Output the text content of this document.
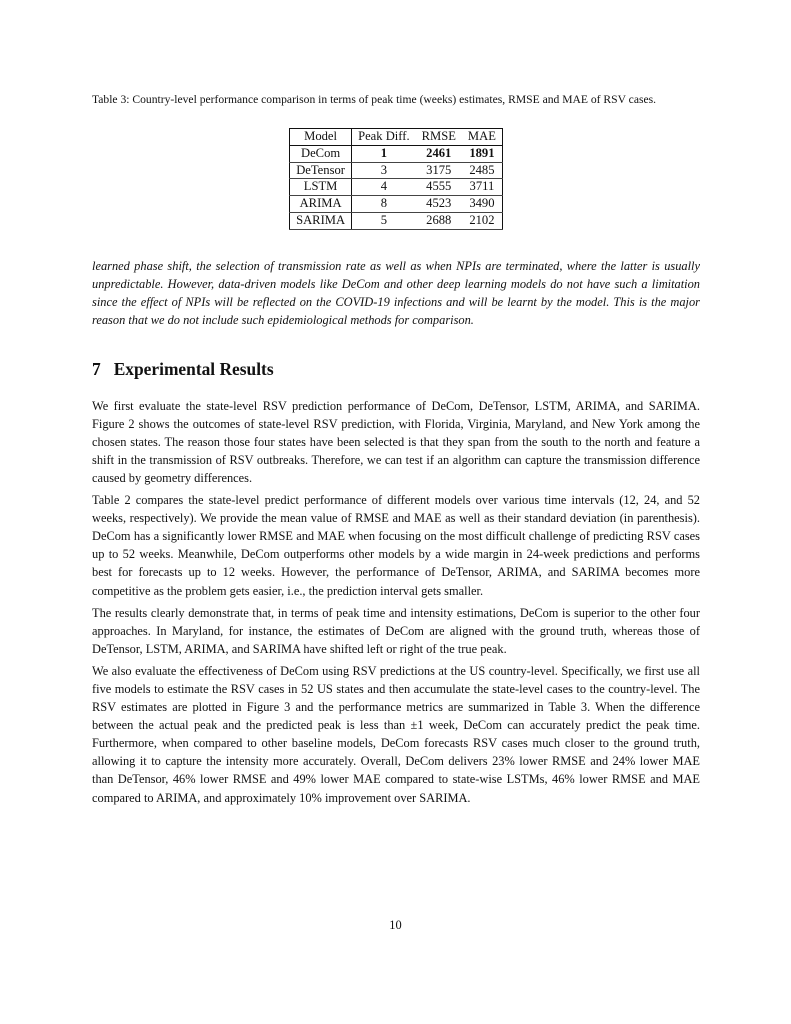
Table 3: Country-level performance comparison in terms of peak time (weeks) estimates, RMSE and MAE of RSV cases.

Model	Peak Diff.	RMSE	MAE
DeCom	1	2461	1891
DeTensor	3	3175	2485
LSTM	4	4555	3711
ARIMA	8	4523	3490
SARIMA	5	2688	2102

learned phase shift, the selection of transmission rate as well as when NPIs are terminated, where the latter is usually unpredictable. However, data-driven models like DeCom and other deep learning models do not have such a limitation since the effect of NPIs will be reflected on the COVID-19 infections and will be learnt by the model. This is the major reason that we do not include such epidemiological methods for comparison.

7 Experimental Results

We first evaluate the state-level RSV prediction performance of DeCom, DeTensor, LSTM, ARIMA, and SARIMA. Figure 2 shows the outcomes of state-level RSV prediction, with Florida, Virginia, Maryland, and New York among the chosen states. The reason those four states have been selected is that they span from the south to the north and feature a shift in the transmission of RSV outbreaks. Therefore, we can test if an algorithm can capture the transmission difference caused by geometry differences.

Table 2 compares the state-level predict performance of different models over various time intervals (12, 24, and 52 weeks, respectively). We provide the mean value of RMSE and MAE as well as their standard deviation (in parenthesis). DeCom has a significantly lower RMSE and MAE when focusing on the most difficult challenge of predicting RSV cases up to 52 weeks. Meanwhile, DeCom outperforms other models by a wide margin in 24-week predictions and performs best for forecasts up to 12 weeks. However, the performance of DeTensor, ARIMA, and SARIMA becomes more competitive as the problem gets easier, i.e., the prediction interval gets smaller.

The results clearly demonstrate that, in terms of peak time and intensity estimations, DeCom is superior to the other four approaches. In Maryland, for instance, the estimates of DeCom are aligned with the ground truth, whereas those of DeTensor, LSTM, ARIMA, and SARIMA have shifted left or right of the true peak.

We also evaluate the effectiveness of DeCom using RSV predictions at the US country-level. Specifically, we first use all five models to estimate the RSV cases in 52 US states and then accumulate the state-level cases to the country-level. The RSV estimates are plotted in Figure 3 and the performance metrics are summarized in Table 3. When the difference between the actual peak and the predicted peak is less than ±1 week, DeCom can accurately predict the peak time. Furthermore, when compared to other baseline models, DeCom forecasts RSV cases much closer to the ground truth, allowing it to capture the intensity more accurately. Overall, DeCom delivers 23% lower RMSE and 24% lower MAE than DeTensor, 46% lower RMSE and 49% lower MAE compared to state-wise LSTMs, 46% lower RMSE and MAE compared to ARIMA, and approximately 10% improvement over SARIMA.

10
